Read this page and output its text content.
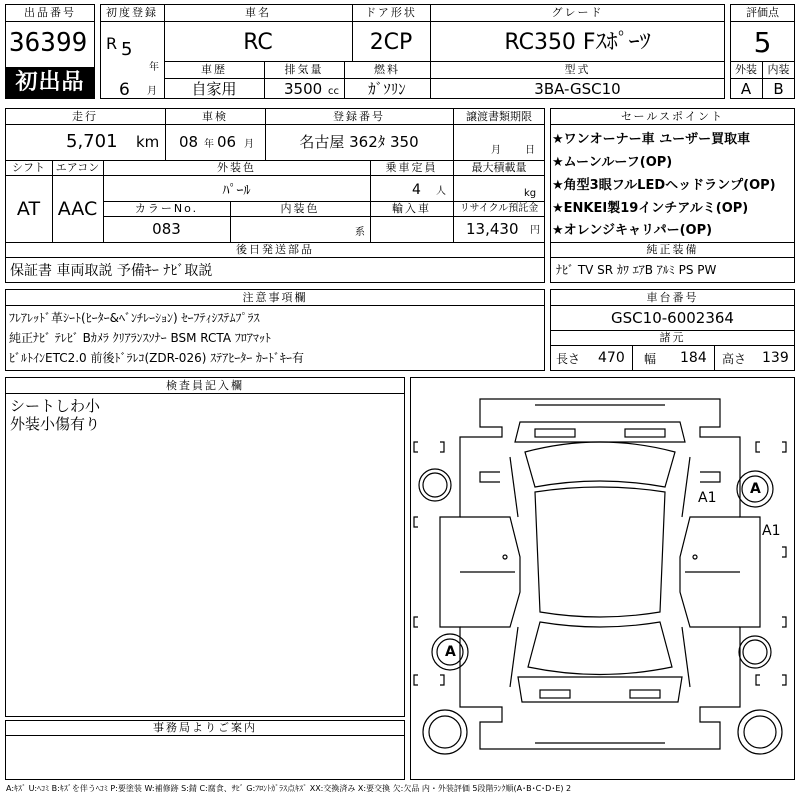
出品番号
36399
初出品
初度登録
R 5
年
6 月
車名
RC
ドア形状
2CP
グレード
RC350 Fｽﾎﾟｰﾂ
車歴
自家用
排気量
3500 cc
燃料
ｶﾞｿﾘﾝ
型式
3BA-GSC10
評価点
5
外装 内装
A	B
走行
5,701 km
車検
08 年 06 月
登録番号
名古屋 362ﾀ 350
譲渡書類期限
月 日
シフト
AT
エアコン
AAC
外装色
ﾊﾟｰﾙ
乗車定員
4 人
最大積載量
kg
カラーNo.
083
内装色
系
輸入車	リサイクル預託金
13,430 円
後日発送部品
保証書 車両取説 予備ｷｰ ﾅﾋﾞ取説
セールスポイント
★ワンオーナー車 ユーザー買取車
★ムーンルーフ(OP)
★角型3眼フルLEDヘッドランプ(OP)
★ENKEI製19インチアルミ(OP)
★オレンジキャリパー(OP)
純正装備
ﾅﾋﾞ TV SR ｶﾜ ｴｱB ｱﾙﾐ PS PW
注意事項欄
ﾌﾚｱﾚｯﾄﾞ革ｼｰﾄ(ﾋｰﾀｰ&ﾍﾞﾝﾁﾚｰｼｮﾝ) ｾｰﾌﾃｨｼｽﾃﾑﾌﾟﾗｽ
純正ﾅﾋﾞ ﾃﾚﾋﾞ Bｶﾒﾗ ｸﾘｱﾗﾝｽｿﾅｰ BSM RCTA ﾌﾛｱﾏｯﾄ
ﾋﾞﾙﾄｲﾝETC2.0 前後ﾄﾞﾗﾚｺ(ZDR-026) ｽﾃｱﾋｰﾀｰ ｶｰﾄﾞｷｰ有
車台番号
GSC10-6002364
諸元
長さ 470 幅 184 高さ 139
検査員記入欄
シートしわ小
外装小傷有り
事務局よりご案内
A
A1
A1
A
A:ｷｽﾞ U:ﾍｺﾐ B:ｷｽﾞを伴うﾍｺﾐ P:要塗装 W:補修跡 S:錆 C:腐食、ｻﾋﾞ G:ﾌﾛﾝﾄｶﾞﾗｽ点ｷｽﾞ XX:交換済み X:要交換 欠:欠品 内・外装評価 5段階ﾗﾝｸ順(A･B･C･D･E) 2
